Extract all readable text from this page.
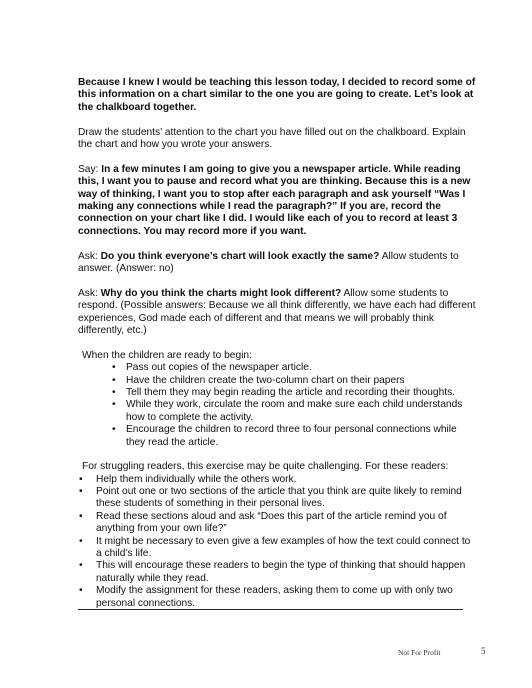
Because I knew I would be teaching this lesson today, I decided to record some of this information on a chart similar to the one you are going to create. Let’s look at the chalkboard together.

Draw the students’ attention to the chart you have filled out on the chalkboard. Explain the chart and how you wrote your answers.

Say: In a few minutes I am going to give you a newspaper article. While reading this, I want you to pause and record what you are thinking. Because this is a new way of thinking, I want you to stop after each paragraph and ask yourself “Was I making any connections while I read the paragraph?” If you are, record the connection on your chart like I did. I would like each of you to record at least 3 connections. You may record more if you want.

Ask: Do you think everyone’s chart will look exactly the same? Allow students to answer. (Answer: no)

Ask: Why do you think the charts might look different? Allow some students to respond. (Possible answers: Because we all think differently, we have each had different experiences, God made each of different and that means we will probably think differently, etc.)

When the children are ready to begin:
• Pass out copies of the newspaper article.
• Have the children create the two-column chart on their papers
• Tell them they may begin reading the article and recording their thoughts.
• While they work, circulate the room and make sure each child understands how to complete the activity.
• Encourage the children to record three to four personal connections while they read the article.
For struggling readers, this exercise may be quite challenging. For these readers:
• Help them individually while the others work.
• Point out one or two sections of the article that you think are quite likely to remind these students of something in their personal lives.
• Read these sections aloud and ask “Does this part of the article remind you of anything from your own life?”
• It might be necessary to even give a few examples of how the text could connect to a child’s life.
• This will encourage these readers to begin the type of thinking that should happen naturally while they read.
• Modify the assignment for these readers, asking them to come up with only two personal connections.
Not For Profit	5
